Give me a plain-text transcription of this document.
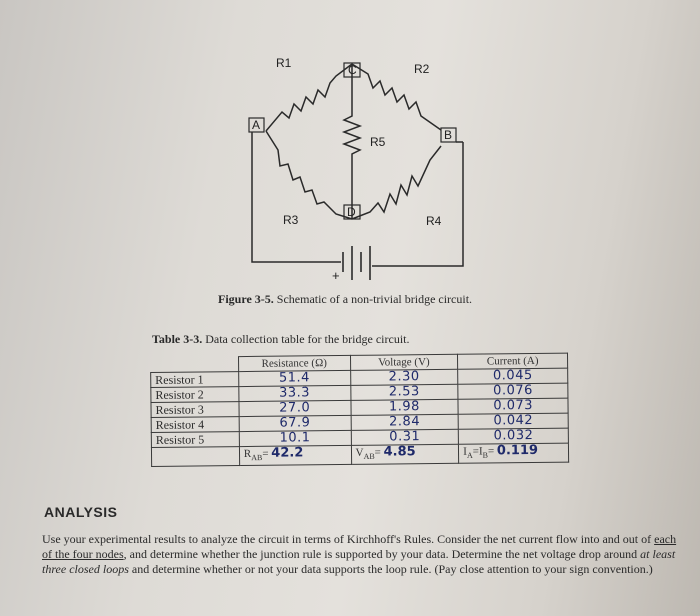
R1	R2
R3	R4
R5
C
D
A
B
+
Figure 3-5. Schematic of a non-trivial bridge circuit.
Table 3-3. Data collection table for the bridge circuit.
	Resistance (Ω)	Voltage (V)	Current (A)
Resistor 1	51.4	2.30	0.045

Resistor 2	33.3	2.53	0.076

Resistor 3	27.0	1.98	0.073

Resistor 4	67.9	2.84	0.042

Resistor 5	10.1	0.31	0.032

	$R_{AB}= 42.2$	$V_{AB}= 4.85$	$I_A=I_B= 0.119$
ANALYSIS
Use your experimental results to analyze the circuit in terms of Kirchhoff's Rules. Consider the net current flow into and out of each of the four nodes, and determine whether the junction rule is supported by your data. Determine the net voltage drop around at least three closed loops and determine whether or not your data supports the loop rule. (Pay close attention to your sign convention.)
